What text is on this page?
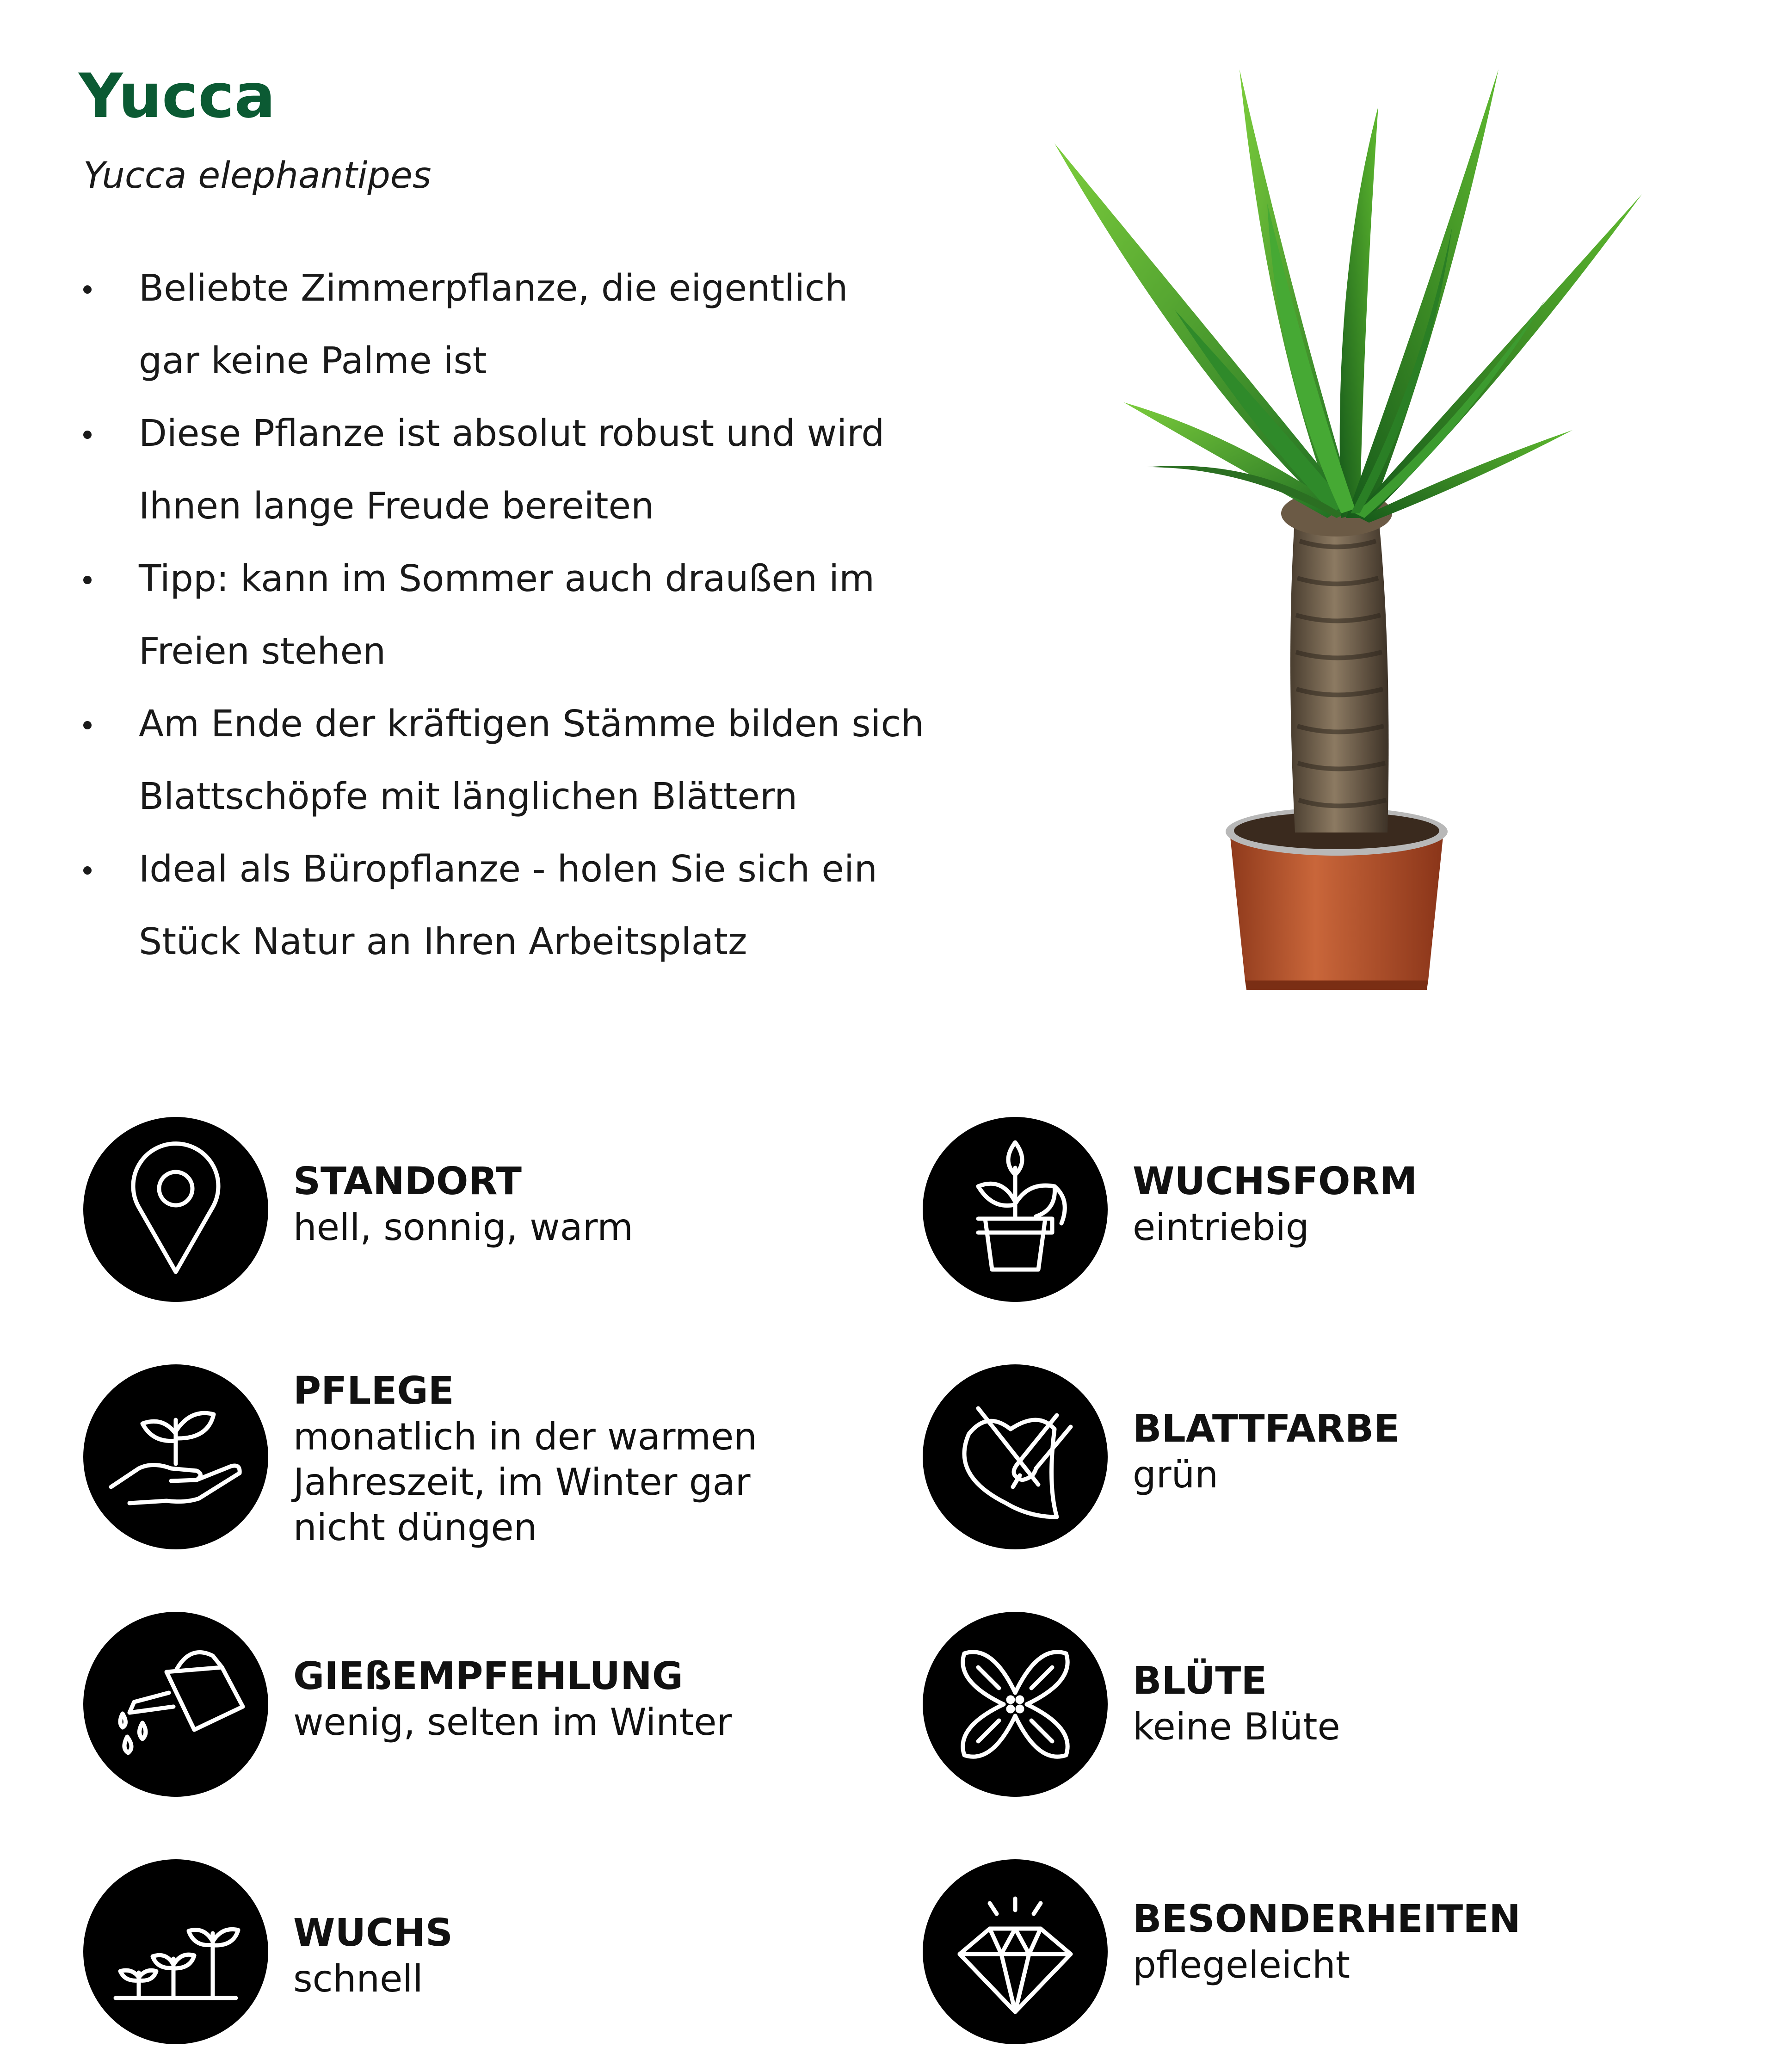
Yucca

Yucca elephantipes

Beliebte Zimmerpflanze, die eigentlich
gar keine Palme ist
Diese Pflanze ist absolut robust und wird
Ihnen lange Freude bereiten
Tipp: kann im Sommer auch draußen im
Freien stehen
Am Ende der kräftigen Stämme bilden sich
Blattschöpfe mit länglichen Blättern
Ideal als Büropflanze - holen Sie sich ein
Stück Natur an Ihren Arbeitsplatz
STANDORT
hell, sonnig, warm
PFLEGE
monatlich in der warmen
Jahreszeit, im Winter gar
nicht düngen
GIEßEMPFEHLUNG
wenig, selten im Winter
WUCHS
schnell
WUCHSFORM
eintriebig
BLATTFARBE
grün
BLÜTE
keine Blüte
BESONDERHEITEN
pflegeleicht
